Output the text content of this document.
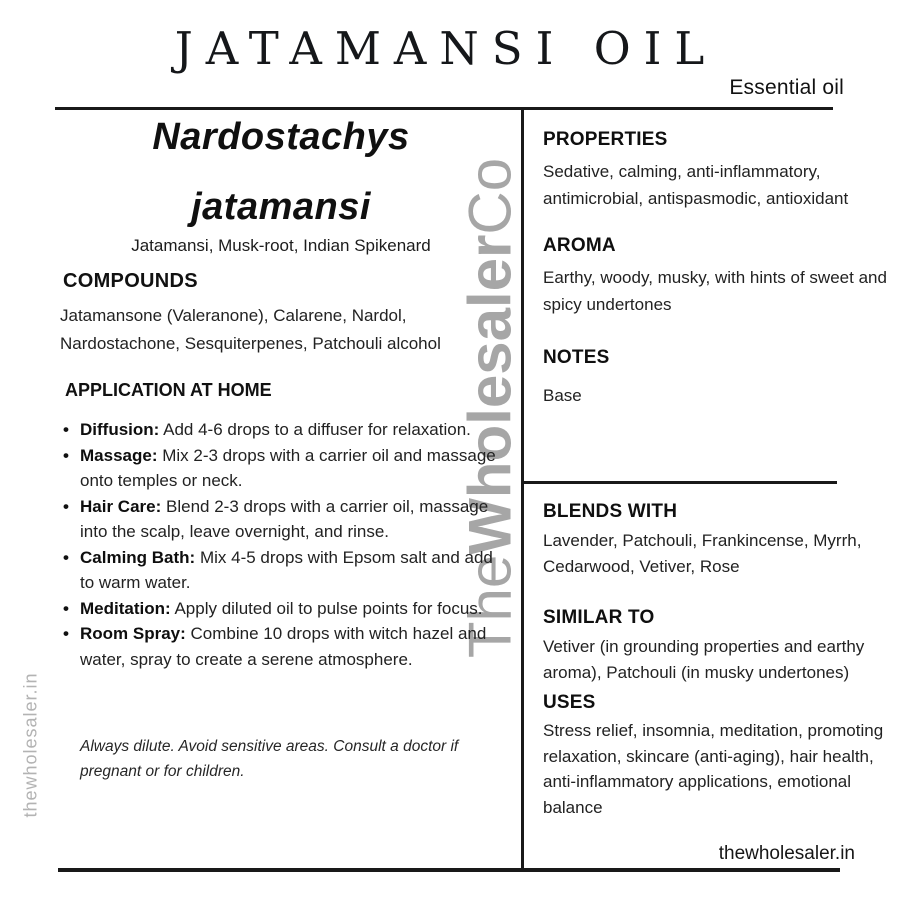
JATAMANSI OIL
Essential oil
TheWholesalerCo
thewholesaler.in
Nardostachys
jatamansi
Jatamansi, Musk-root, Indian Spikenard
COMPOUNDS
Jatamansone (Valeranone), Calarene, Nardol, Nardostachone, Sesquiterpenes, Patchouli alcohol
APPLICATION AT HOME
• Diffusion: Add 4-6 drops to a diffuser for relaxation.
• Massage: Mix 2-3 drops with a carrier oil and massage onto temples or neck.
• Hair Care: Blend 2-3 drops with a carrier oil, massage into the scalp, leave overnight, and rinse.
• Calming Bath: Mix 4-5 drops with Epsom salt and add to warm water.
• Meditation: Apply diluted oil to pulse points for focus.
• Room Spray: Combine 10 drops with witch hazel and water, spray to create a serene atmosphere.
Always dilute. Avoid sensitive areas. Consult a doctor if pregnant or for children.
PROPERTIES
Sedative, calming, anti-inflammatory, antimicrobial, antispasmodic, antioxidant
AROMA
Earthy, woody, musky, with hints of sweet and spicy undertones
NOTES
Base
BLENDS WITH
Lavender, Patchouli, Frankincense, Myrrh, Cedarwood, Vetiver, Rose
SIMILAR TO
Vetiver (in grounding properties and earthy aroma), Patchouli (in musky undertones)
USES
Stress relief, insomnia, meditation, promoting relaxation, skincare (anti-aging), hair health, anti-inflammatory applications, emotional balance
thewholesaler.in
